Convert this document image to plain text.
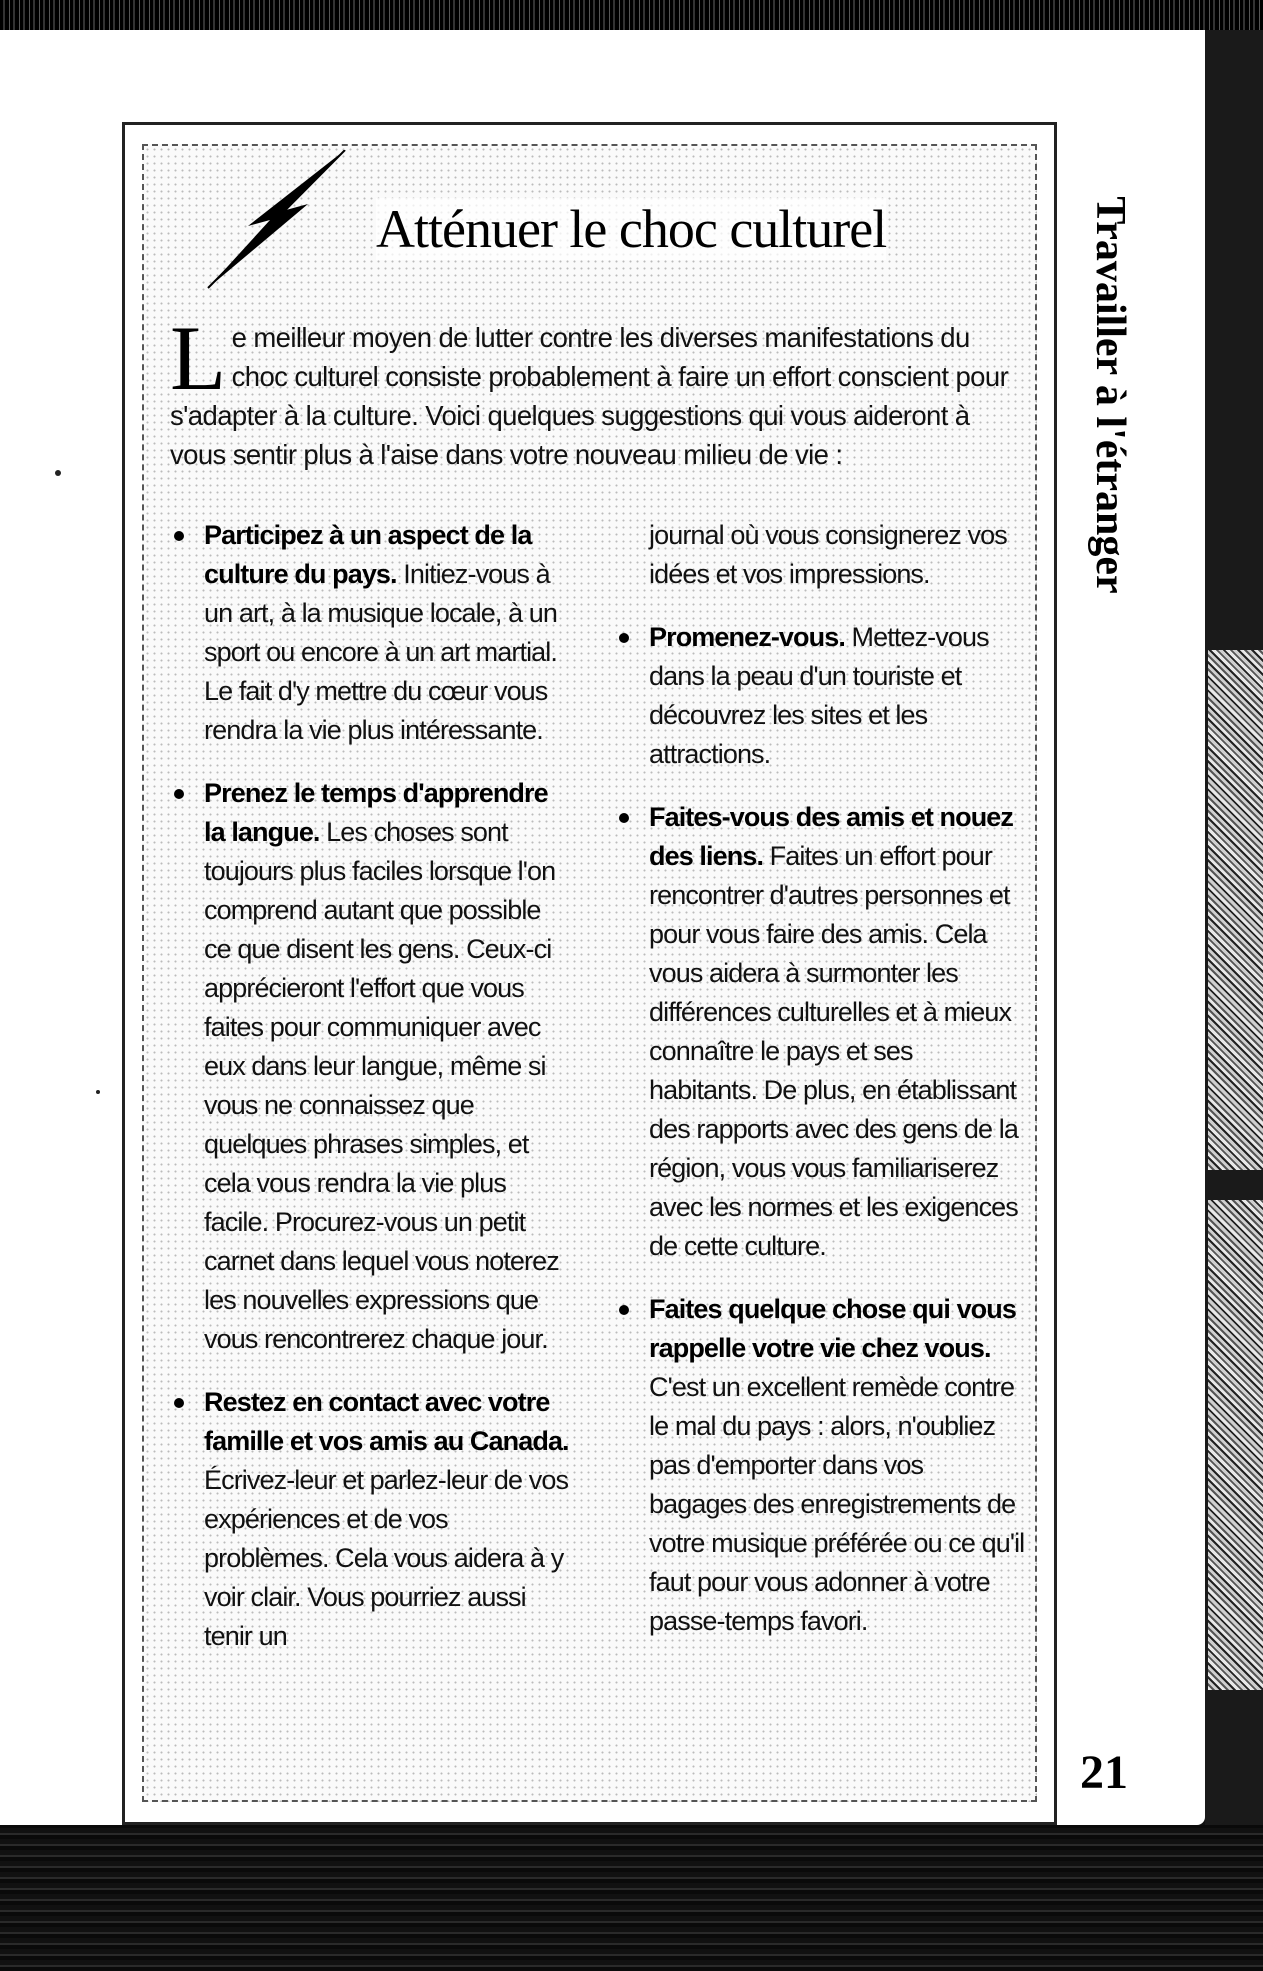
Atténuer le choc culturel
L e meilleur moyen de lutter contre les diverses manifestations du choc culturel consiste probablement à faire un effort conscient pour s'adapter à la culture. Voici quelques suggestions qui vous aideront à vous sentir plus à l'aise dans votre nouveau milieu de vie :
Participez à un aspect de la culture du pays. Initiez-vous à un art, à la musique locale, à un sport ou encore à un art martial. Le fait d'y mettre du cœur vous rendra la vie plus intéressante.
Prenez le temps d'apprendre la langue. Les choses sont toujours plus faciles lorsque l'on comprend autant que possible ce que disent les gens. Ceux-ci apprécieront l'effort que vous faites pour communiquer avec eux dans leur langue, même si vous ne connaissez que quelques phrases simples, et cela vous rendra la vie plus facile. Procurez-vous un petit carnet dans lequel vous noterez les nouvelles expressions que vous rencontrerez chaque jour.
Restez en contact avec votre famille et vos amis au Canada. Écrivez-leur et parlez-leur de vos expériences et de vos problèmes. Cela vous aidera à y voir clair. Vous pourriez aussi tenir un
journal où vous consignerez vos idées et vos impressions.
Promenez-vous. Mettez-vous dans la peau d'un touriste et découvrez les sites et les attractions.
Faites-vous des amis et nouez des liens. Faites un effort pour rencontrer d'autres personnes et pour vous faire des amis. Cela vous aidera à surmonter les différences culturelles et à mieux connaître le pays et ses habitants. De plus, en établissant des rapports avec des gens de la région, vous vous familiariserez avec les normes et les exigences de cette culture.
Faites quelque chose qui vous rappelle votre vie chez vous. C'est un excellent remède contre le mal du pays : alors, n'oubliez pas d'emporter dans vos bagages des enregistrements de votre musique préférée ou ce qu'il faut pour vous adonner à votre passe-temps favori.
Travailler à l'étranger
21
